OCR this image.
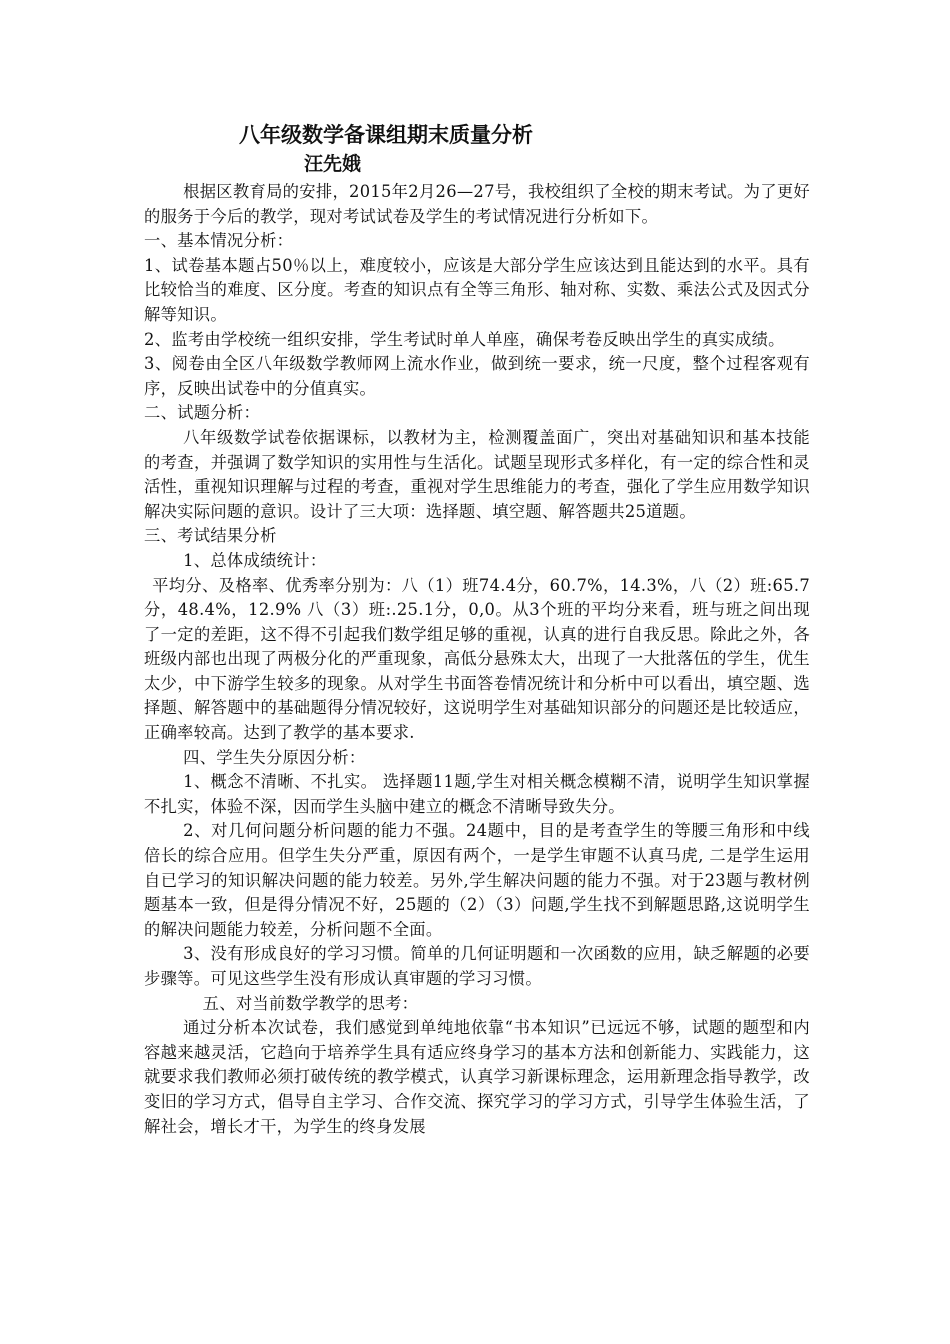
八年级数学备课组期末质量分析

汪先娥

根据区教育局的安排，2015年2月26—27号，我校组织了全校的期末考试。为了更好的服务于今后的教学，现对考试试卷及学生的考试情况进行分析如下。

一、基本情况分析：

1、试卷基本题占50％以上，难度较小，应该是大部分学生应该达到且能达到的水平。具有比较恰当的难度、区分度。考查的知识点有全等三角形、轴对称、实数、乘法公式及因式分解等知识。

2、监考由学校统一组织安排，学生考试时单人单座，确保考卷反映出学生的真实成绩。

3、阅卷由全区八年级数学教师网上流水作业，做到统一要求，统一尺度，整个过程客观有序，反映出试卷中的分值真实。

二、试题分析：

八年级数学试卷依据课标，以教材为主，检测覆盖面广，突出对基础知识和基本技能的考查，并强调了数学知识的实用性与生活化。试题呈现形式多样化，有一定的综合性和灵活性，重视知识理解与过程的考查，重视对学生思维能力的考查，强化了学生应用数学知识解决实际问题的意识。设计了三大项：选择题、填空题、解答题共25道题。

三、考试结果分析

1、总体成绩统计：

平均分、及格率、优秀率分别为：八（1）班74.4分，60.7%，14.3%，八（2）班:65.7分，48.4%，12.9% 八（3）班:.25.1分，0,0。从3个班的平均分来看，班与班之间出现了一定的差距，这不得不引起我们数学组足够的重视，认真的进行自我反思。除此之外，各班级内部也出现了两极分化的严重现象，高低分悬殊太大，出现了一大批落伍的学生，优生太少，中下游学生较多的现象。从对学生书面答卷情况统计和分析中可以看出，填空题、选择题、解答题中的基础题得分情况较好，这说明学生对基础知识部分的问题还是比较适应，正确率较高。达到了教学的基本要求.

四、学生失分原因分析：

1、概念不清晰、不扎实。 选择题11题,学生对相关概念模糊不清，说明学生知识掌握不扎实，体验不深，因而学生头脑中建立的概念不清晰导致失分。

2、对几何问题分析问题的能力不强。24题中，目的是考查学生的等腰三角形和中线倍长的综合应用。但学生失分严重，原因有两个，一是学生审题不认真马虎, 二是学生运用自已学习的知识解决问题的能力较差。另外,学生解决问题的能力不强。对于23题与教材例题基本一致，但是得分情况不好，25题的（2）（3）问题,学生找不到解题思路,这说明学生的解决问题能力较差，分析问题不全面。

3、没有形成良好的学习习惯。简单的几何证明题和一次函数的应用，缺乏解题的必要步骤等。可见这些学生没有形成认真审题的学习习惯。

五、对当前数学教学的思考：

通过分析本次试卷，我们感觉到单纯地依靠“书本知识”已远远不够，试题的题型和内容越来越灵活，它趋向于培养学生具有适应终身学习的基本方法和创新能力、实践能力，这就要求我们教师必须打破传统的教学模式，认真学习新课标理念，运用新理念指导教学，改变旧的学习方式，倡导自主学习、合作交流、探究学习的学习方式，引导学生体验生活，了解社会，增长才干，为学生的终身发展
